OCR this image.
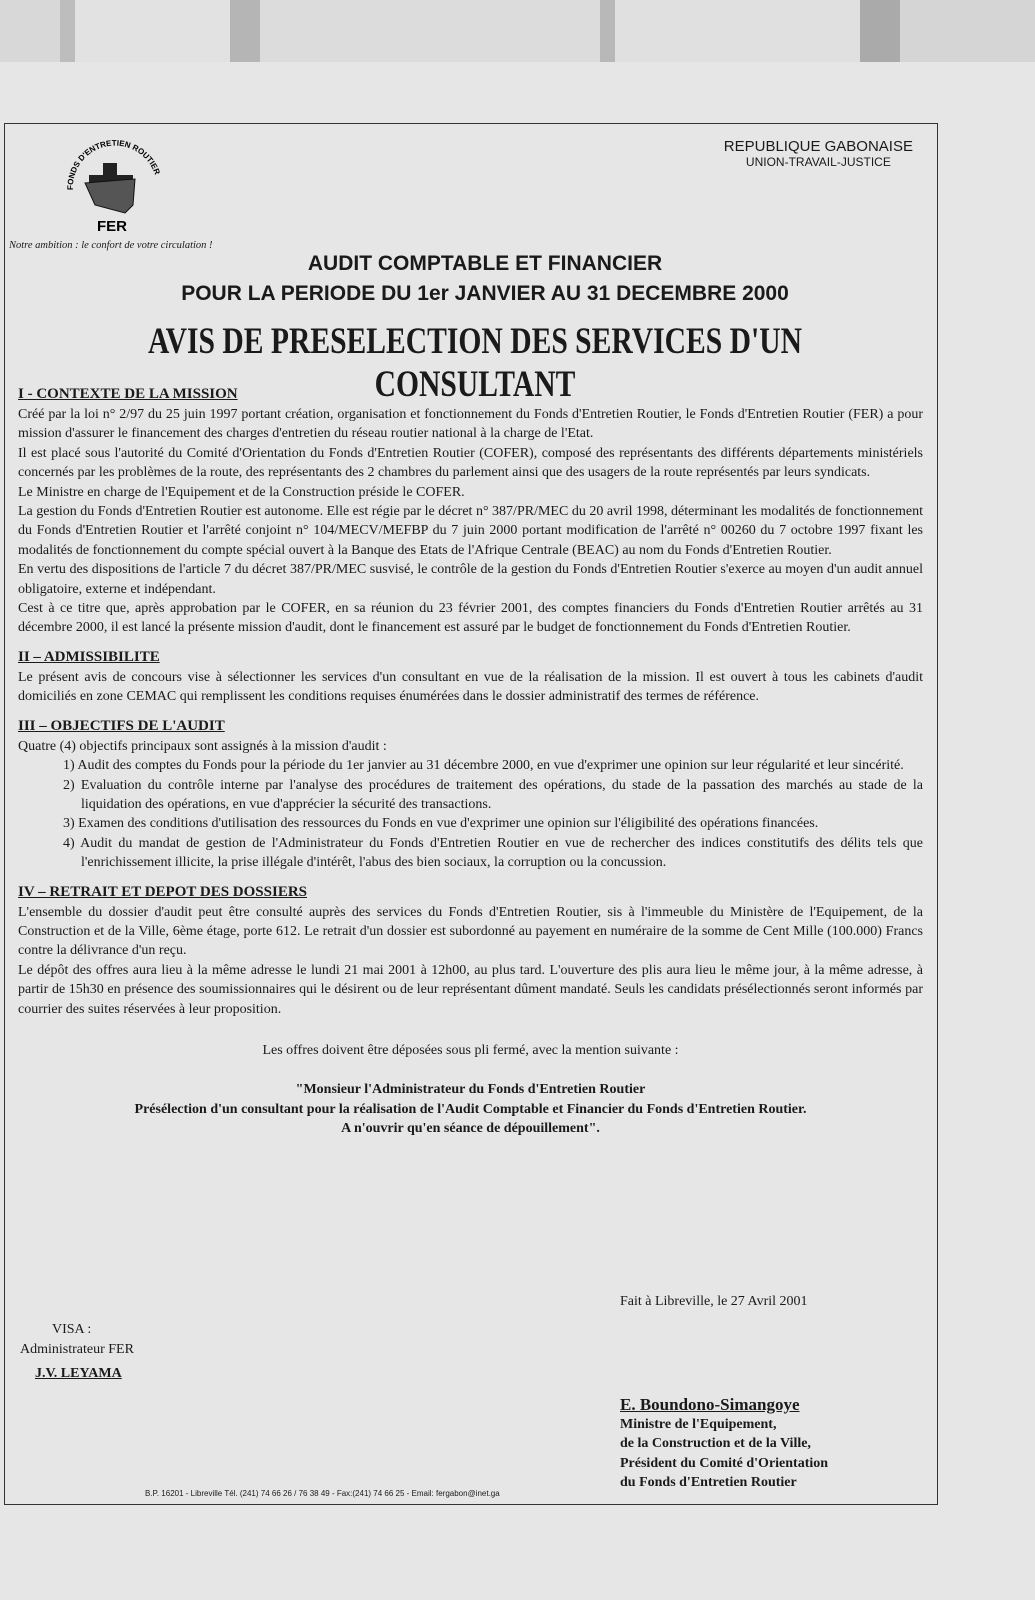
FONDS D'ENTRETIEN ROUTIER
FER
Notre ambition : le confort de votre circulation !
REPUBLIQUE GABONAISE
UNION-TRAVAIL-JUSTICE
AUDIT COMPTABLE ET FINANCIER
POUR LA PERIODE DU 1er JANVIER AU 31 DECEMBRE 2000
AVIS DE PRESELECTION DES SERVICES D'UN CONSULTANT
I - CONTEXTE DE LA MISSION

Créé par la loi n° 2/97 du 25 juin 1997 portant création, organisation et fonctionnement du Fonds d'Entretien Routier, le Fonds d'Entretien Routier (FER) a pour mission d'assurer le financement des charges d'entretien du réseau routier national à la charge de l'Etat.

Il est placé sous l'autorité du Comité d'Orientation du Fonds d'Entretien Routier (COFER), composé des représentants des différents départements ministériels concernés par les problèmes de la route, des représentants des 2 chambres du parlement ainsi que des usagers de la route représentés par leurs syndicats.

Le Ministre en charge de l'Equipement et de la Construction préside le COFER.

La gestion du Fonds d'Entretien Routier est autonome. Elle est régie par le décret n° 387/PR/MEC du 20 avril 1998, déterminant les modalités de fonctionnement du Fonds d'Entretien Routier et l'arrêté conjoint n° 104/MECV/MEFBP du 7 juin 2000 portant modification de l'arrêté n° 00260 du 7 octobre 1997 fixant les modalités de fonctionnement du compte spécial ouvert à la Banque des Etats de l'Afrique Centrale (BEAC) au nom du Fonds d'Entretien Routier.

En vertu des dispositions de l'article 7 du décret 387/PR/MEC susvisé, le contrôle de la gestion du Fonds d'Entretien Routier s'exerce au moyen d'un audit annuel obligatoire, externe et indépendant.

Cest à ce titre que, après approbation par le COFER, en sa réunion du 23 février 2001, des comptes financiers du Fonds d'Entretien Routier arrêtés au 31 décembre 2000, il est lancé la présente mission d'audit, dont le financement est assuré par le budget de fonctionnement du Fonds d'Entretien Routier.

II – ADMISSIBILITE

Le présent avis de concours vise à sélectionner les services d'un consultant en vue de la réalisation de la mission. Il est ouvert à tous les cabinets d'audit domiciliés en zone CEMAC qui remplissent les conditions requises énumérées dans le dossier administratif des termes de référence.

III – OBJECTIFS DE L'AUDIT

Quatre (4) objectifs principaux sont assignés à la mission d'audit :

1) Audit des comptes du Fonds pour la période du 1er janvier au 31 décembre 2000, en vue d'exprimer une opinion sur leur régularité et leur sincérité.
2) Evaluation du contrôle interne par l'analyse des procédures de traitement des opérations, du stade de la passation des marchés au stade de la liquidation des opérations, en vue d'apprécier la sécurité des transactions.
3) Examen des conditions d'utilisation des ressources du Fonds en vue d'exprimer une opinion sur l'éligibilité des opérations financées.
4) Audit du mandat de gestion de l'Administrateur du Fonds d'Entretien Routier en vue de rechercher des indices constitutifs des délits tels que l'enrichissement illicite, la prise illégale d'intérêt, l'abus des bien sociaux, la corruption ou la concussion.
IV – RETRAIT ET DEPOT DES DOSSIERS

L'ensemble du dossier d'audit peut être consulté auprès des services du Fonds d'Entretien Routier, sis à l'immeuble du Ministère de l'Equipement, de la Construction et de la Ville, 6ème étage, porte 612. Le retrait d'un dossier est subordonné au payement en numéraire de la somme de Cent Mille (100.000) Francs contre la délivrance d'un reçu.

Le dépôt des offres aura lieu à la même adresse le lundi 21 mai 2001 à 12h00, au plus tard. L'ouverture des plis aura lieu le même jour, à la même adresse, à partir de 15h30 en présence des soumissionnaires qui le désirent ou de leur représentant dûment mandaté. Seuls les candidats présélectionnés seront informés par courrier des suites réservées à leur proposition.

Les offres doivent être déposées sous pli fermé, avec la mention suivante :

"Monsieur l'Administrateur du Fonds d'Entretien Routier
Présélection d'un consultant pour la réalisation de l'Audit Comptable et Financier du Fonds d'Entretien Routier.
A n'ouvrir qu'en séance de dépouillement".
Fait à Libreville, le 27 Avril 2001
VISA :
Administrateur FER
J.V. LEYAMA
E. Boundono-Simangoye
Ministre de l'Equipement,
de la Construction et de la Ville,
Président du Comité d'Orientation
du Fonds d'Entretien Routier
B.P. 16201 - Libreville Tél. (241) 74 66 26 / 76 38 49 - Fax:(241) 74 66 25 - Email: fergabon@inet.ga
